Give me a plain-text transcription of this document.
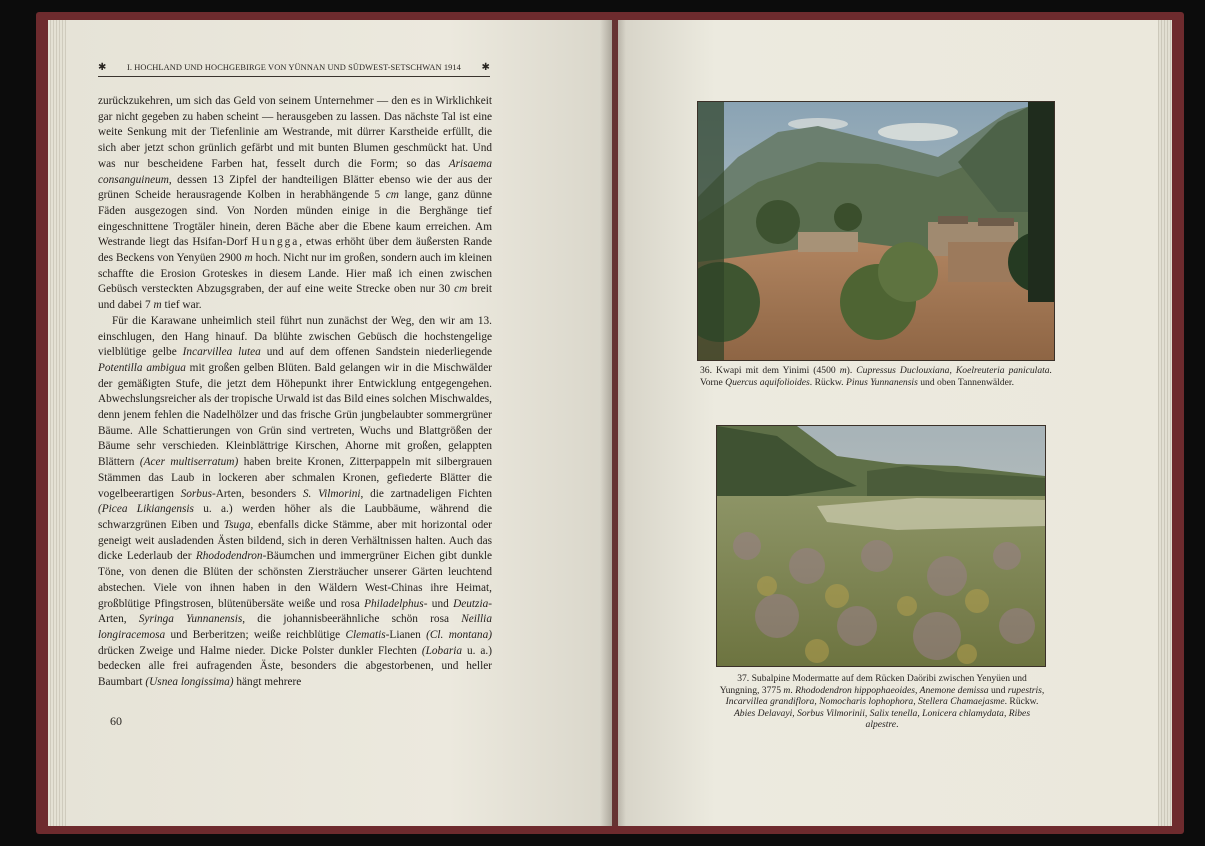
✱ I. HOCHLAND UND HOCHGEBIRGE VON YÜNNAN UND SÜDWEST-SETSCHWAN 1914 ✱

zurückzukehren, um sich das Geld von seinem Unternehmer — den es in Wirklichkeit gar nicht gegeben zu haben scheint — herausgeben zu lassen. Das nächste Tal ist eine weite Senkung mit der Tiefenlinie am Westrande, mit dürrer Karstheide erfüllt, die sich aber jetzt schon grünlich gefärbt und mit bunten Blumen geschmückt hat. Und was nur bescheidene Farben hat, fesselt durch die Form; so das Arisaema consanguineum, dessen 13 Zipfel der handteiligen Blätter ebenso wie der aus der grünen Scheide herausragende Kolben in herabhängende 5 cm lange, ganz dünne Fäden ausgezogen sind. Von Norden münden einige in die Berghänge tief eingeschnittene Trogtäler hinein, deren Bäche aber die Ebene kaum erreichen. Am Westrande liegt das Hsifan-Dorf Hungga, etwas erhöht über dem äußersten Rande des Beckens von Yenyüen 2900 m hoch. Nicht nur im großen, sondern auch im kleinen schaffte die Erosion Groteskes in diesem Lande. Hier maß ich einen zwischen Gebüsch versteckten Abzugsgraben, der auf eine weite Strecke oben nur 30 cm breit und dabei 7 m tief war.

Für die Karawane unheimlich steil führt nun zunächst der Weg, den wir am 13. einschlugen, den Hang hinauf. Da blühte zwischen Gebüsch die hochstengelige vielblütige gelbe Incarvillea lutea und auf dem offenen Sandstein niederliegende Potentilla ambigua mit großen gelben Blüten. Bald gelangen wir in die Mischwälder der gemäßigten Stufe, die jetzt dem Höhepunkt ihrer Entwicklung entgegengehen. Abwechslungsreicher als der tropische Urwald ist das Bild eines solchen Mischwaldes, denn jenem fehlen die Nadelhölzer und das frische Grün jungbelaubter sommergrüner Bäume. Alle Schattierungen von Grün sind vertreten, Wuchs und Blattgrößen der Bäume sehr verschieden. Kleinblättrige Kirschen, Ahorne mit großen, gelappten Blättern (Acer multiserratum) haben breite Kronen, Zitterpappeln mit silbergrauen Stämmen das Laub in lockeren aber schmalen Kronen, gefiederte Blätter die vogelbeerartigen Sorbus-Arten, besonders S. Vilmorini, die zartnadeligen Fichten (Picea Likiangensis u. a.) werden höher als die Laubbäume, während die schwarzgrünen Eiben und Tsuga, ebenfalls dicke Stämme, aber mit horizontal oder geneigt weit ausladenden Ästen bildend, sich in deren Verhältnissen halten. Auch das dicke Lederlaub der Rhododendron-Bäumchen und immergrüner Eichen gibt dunkle Töne, von denen die Blüten der schönsten Ziersträucher unserer Gärten leuchtend abstechen. Viele von ihnen haben in den Wäldern West-Chinas ihre Heimat, großblütige Pfingstrosen, blütenübersäte weiße und rosa Philadelphus- und Deutzia-Arten, Syringa Yunnanensis, die johannisbeerähnliche schön rosa Neillia longiracemosa und Berberitzen; weiße reichblütige Clematis-Lianen (Cl. montana) drücken Zweige und Halme nieder. Dicke Polster dunkler Flechten (Lobaria u. a.) bedecken alle frei aufragenden Äste, besonders die abgestorbenen, und heller Baumbart (Usnea longissima) hängt mehrere

60
36. Kwapi mit dem Yinimi (4500 m). Cupressus Duclouxiana, Koelreuteria paniculata. Vorne Quercus aquifolioides. Rückw. Pinus Yunnanensis und oben Tannenwälder.
37. Subalpine Modermatte auf dem Rücken Daöribi zwischen Yenyüen und Yungning, 3775 m. Rhododendron hippophaeoides, Anemone demissa und rupestris, Incarvillea grandiflora, Nomocharis lophophora, Stellera Chamaejasme. Rückw. Abies Delavayi, Sorbus Vilmorinii, Salix tenella, Lonicera chlamydata, Ribes alpestre.
